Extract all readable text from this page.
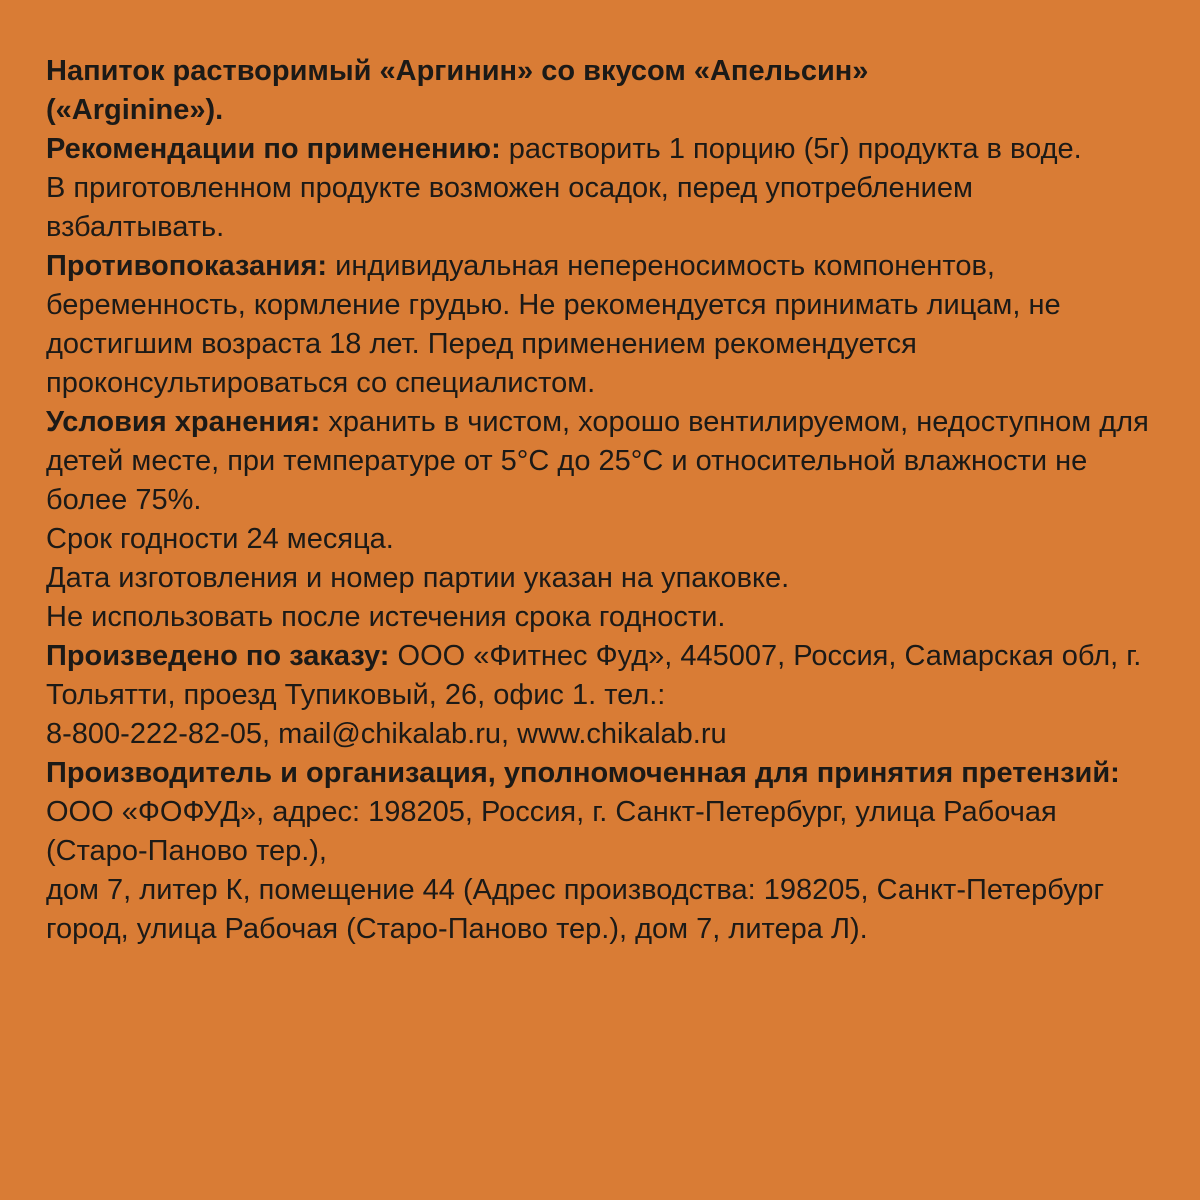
Напиток растворимый «Аргинин» со вкусом «Апельсин»
(«Arginine»).

Рекомендации по применению: растворить 1 порцию (5г) продукта в воде.

В приготовленном продукте возможен осадок, перед употреблением взбалтывать.

Противопоказания: индивидуальная непереносимость компонентов, беременность, кормление грудью. Не рекомендуется принимать лицам, не достигшим возраста 18 лет. Перед применением рекомендуется проконсультироваться со специалистом.

Условия хранения: хранить в чистом, хорошо вентилируемом, недоступном для детей месте, при температуре от 5°С до 25°С и относительной влажности не более 75%.

Срок годности 24 месяца.

Дата изготовления и номер партии указан на упаковке.

Не использовать после истечения срока годности.

Произведено по заказу: ООО «Фитнес Фуд», 445007, Россия, Самарская обл, г. Тольятти, проезд Тупиковый, 26, офис 1. тел.:
8-800-222-82-05, mail@chikalab.ru, www.chikalab.ru

Производитель и организация, уполномоченная для принятия претензий:
ООО «ФОФУД», адрес: 198205, Россия, г. Санкт-Петербург, улица Рабочая (Старо-Паново тер.),
дом 7, литер К, помещение 44 (Адрес производства: 198205, Санкт-Петербург город, улица Рабочая (Старо-Паново тер.), дом 7, литера Л).
